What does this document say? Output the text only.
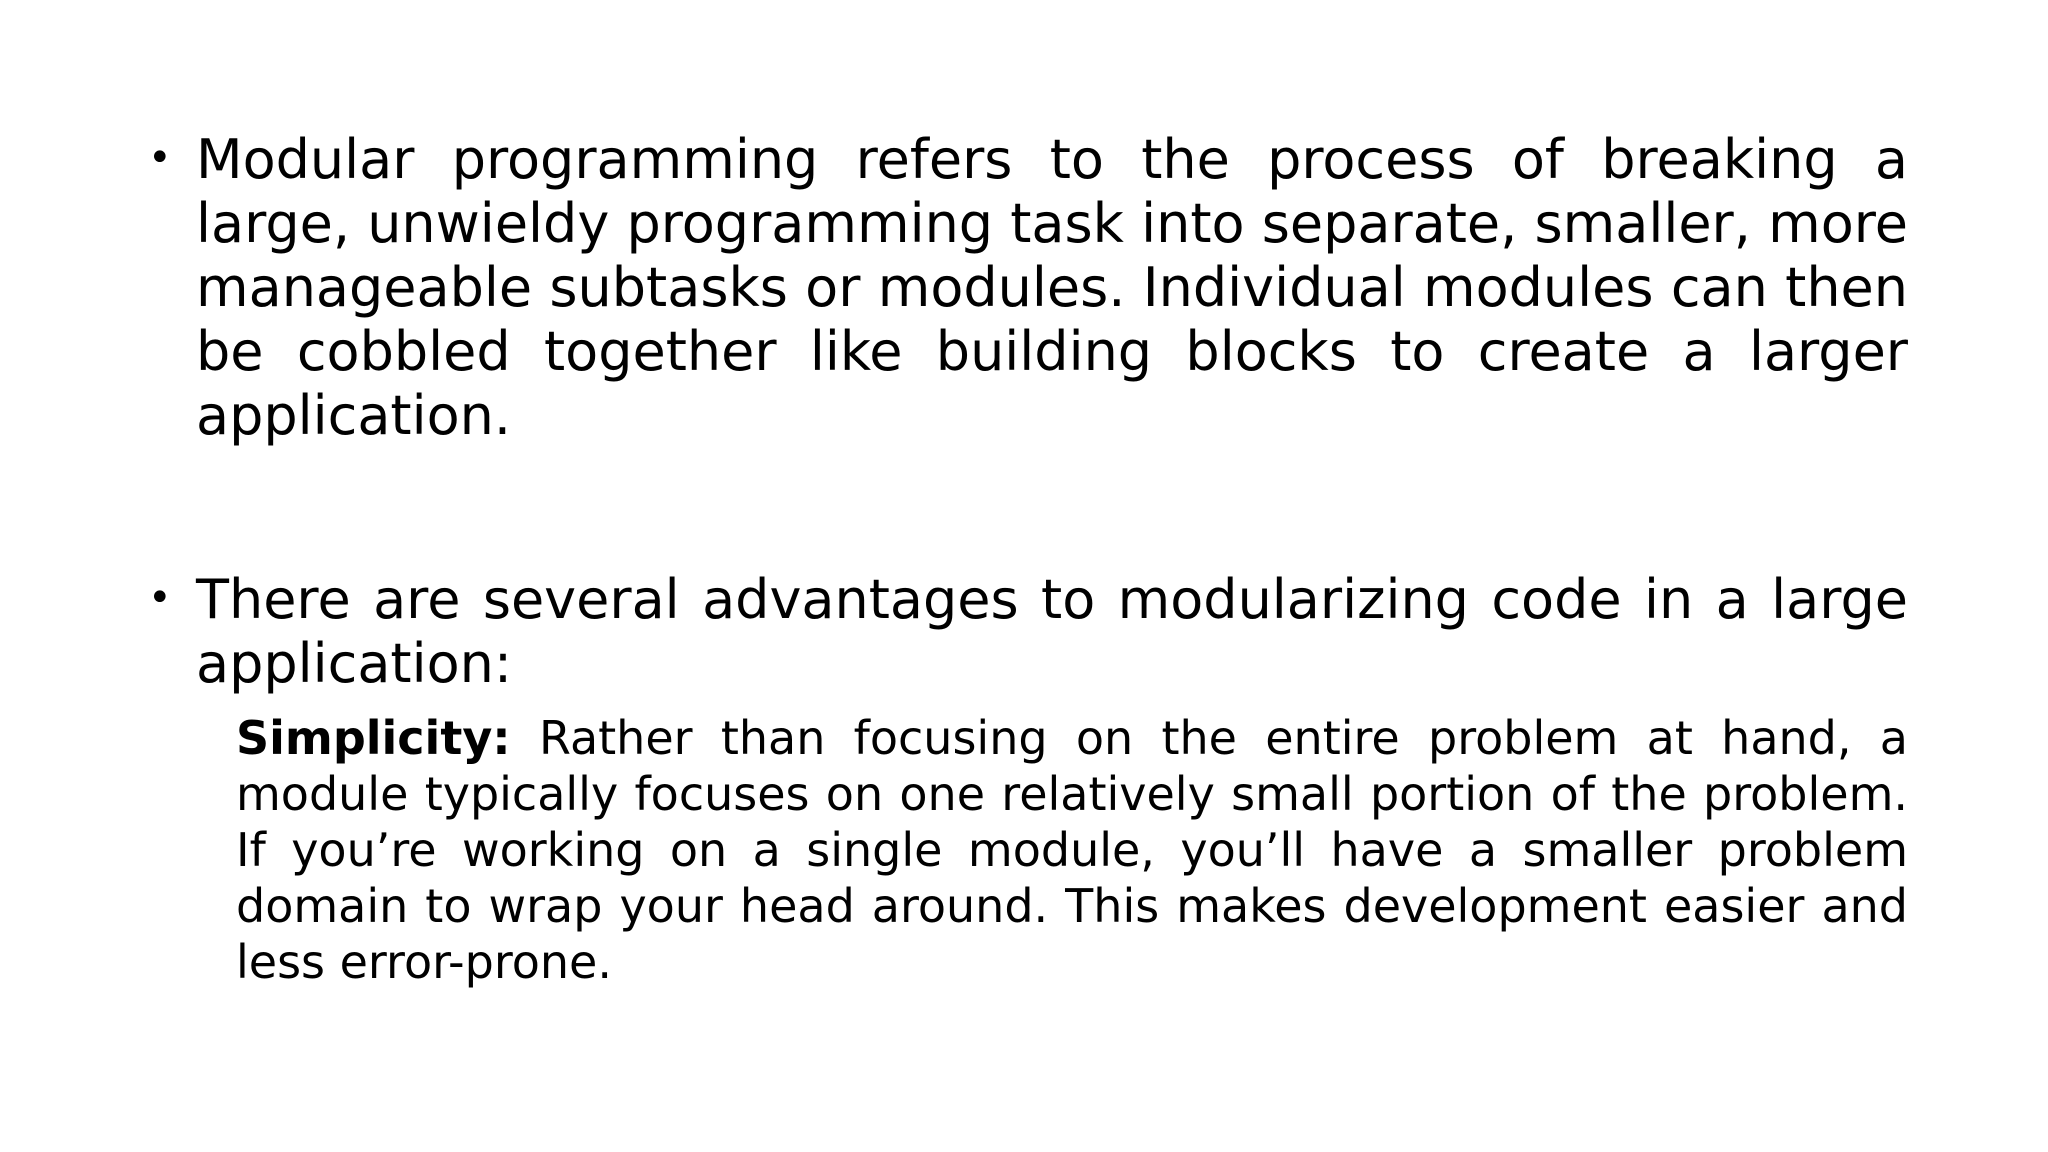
• Modular programming refers to the process of breaking a large, unwieldy programming task into separate, smaller, more manageable subtasks or modules. Individual modules can then be cobbled together like building blocks to create a larger application.
• There are several advantages to modularizing code in a large application:
Simplicity: Rather than focusing on the entire problem at hand, a module typically focuses on one relatively small portion of the problem. If you’re working on a single module, you’ll have a smaller problem domain to wrap your head around. This makes development easier and less error-prone.
